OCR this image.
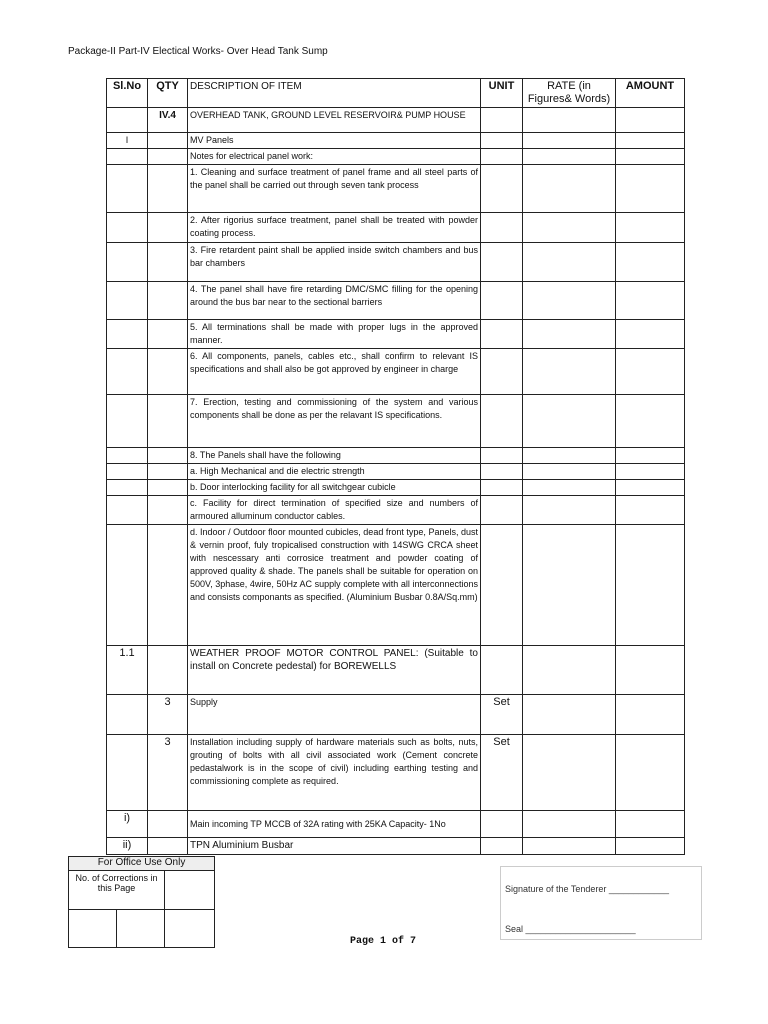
Package-II Part-IV Electical Works- Over Head Tank Sump
Sl.No	QTY	DESCRIPTION OF ITEM	UNIT	RATE (in Figures& Words)	AMOUNT
	IV.4	OVERHEAD TANK, GROUND LEVEL RESERVOIR& PUMP HOUSE			
I		MV Panels			
		Notes for electrical panel work:			
		1. Cleaning and surface treatment of panel frame and all steel parts of the panel shall be carried out through seven tank process			
		2. After rigorius surface treatment, panel shall be treated with powder coating process.			
		3. Fire retardent paint shall be applied inside switch chambers and bus bar chambers			
		4. The panel shall have fire retarding DMC/SMC filling for the opening around the bus bar near to the sectional barriers			
		5. All terminations shall be made with proper lugs in the approved manner.			
		6. All components, panels, cables etc., shall confirm to relevant IS specifications and shall also be got approved by engineer in charge			
		7. Erection, testing and commissioning of the system and various components shall be done as per the relavant IS specifications.			
		8. The Panels shall have the following			
		a. High Mechanical and die electric strength			
		b. Door interlocking facility for all switchgear cubicle			
		c. Facility for direct termination of specified size and numbers of armoured alluminum conductor cables.			
		d. Indoor / Outdoor floor mounted cubicles, dead front type, Panels, dust & vernin proof, fuly tropicalised construction with 14SWG CRCA sheet with nescessary anti corrosice treatment and powder coating of approved quality & shade. The panels shall be suitable for operation on 500V, 3phase, 4wire, 50Hz AC supply complete with all interconnections and consists componants as specified. (Aluminium Busbar 0.8A/Sq.mm)			
1.1		WEATHER PROOF MOTOR CONTROL PANEL: (Suitable to install on Concrete pedestal) for BOREWELLS			
	3	Supply	Set		
	3	Installation including supply of hardware materials such as bolts, nuts, grouting of bolts with all civil associated work (Cement concrete pedastalwork is in the scope of civil) including earthing testing and commissioning complete as required.	Set		
i)		Main incoming TP MCCB of 32A rating with 25KA Capacity- 1No			
ii)		TPN Aluminium Busbar			
For Office Use Only		
No. of Corrections in this Page		
			Signature of the Tenderer ____________
Seal ______________________
Page 1 of 7
